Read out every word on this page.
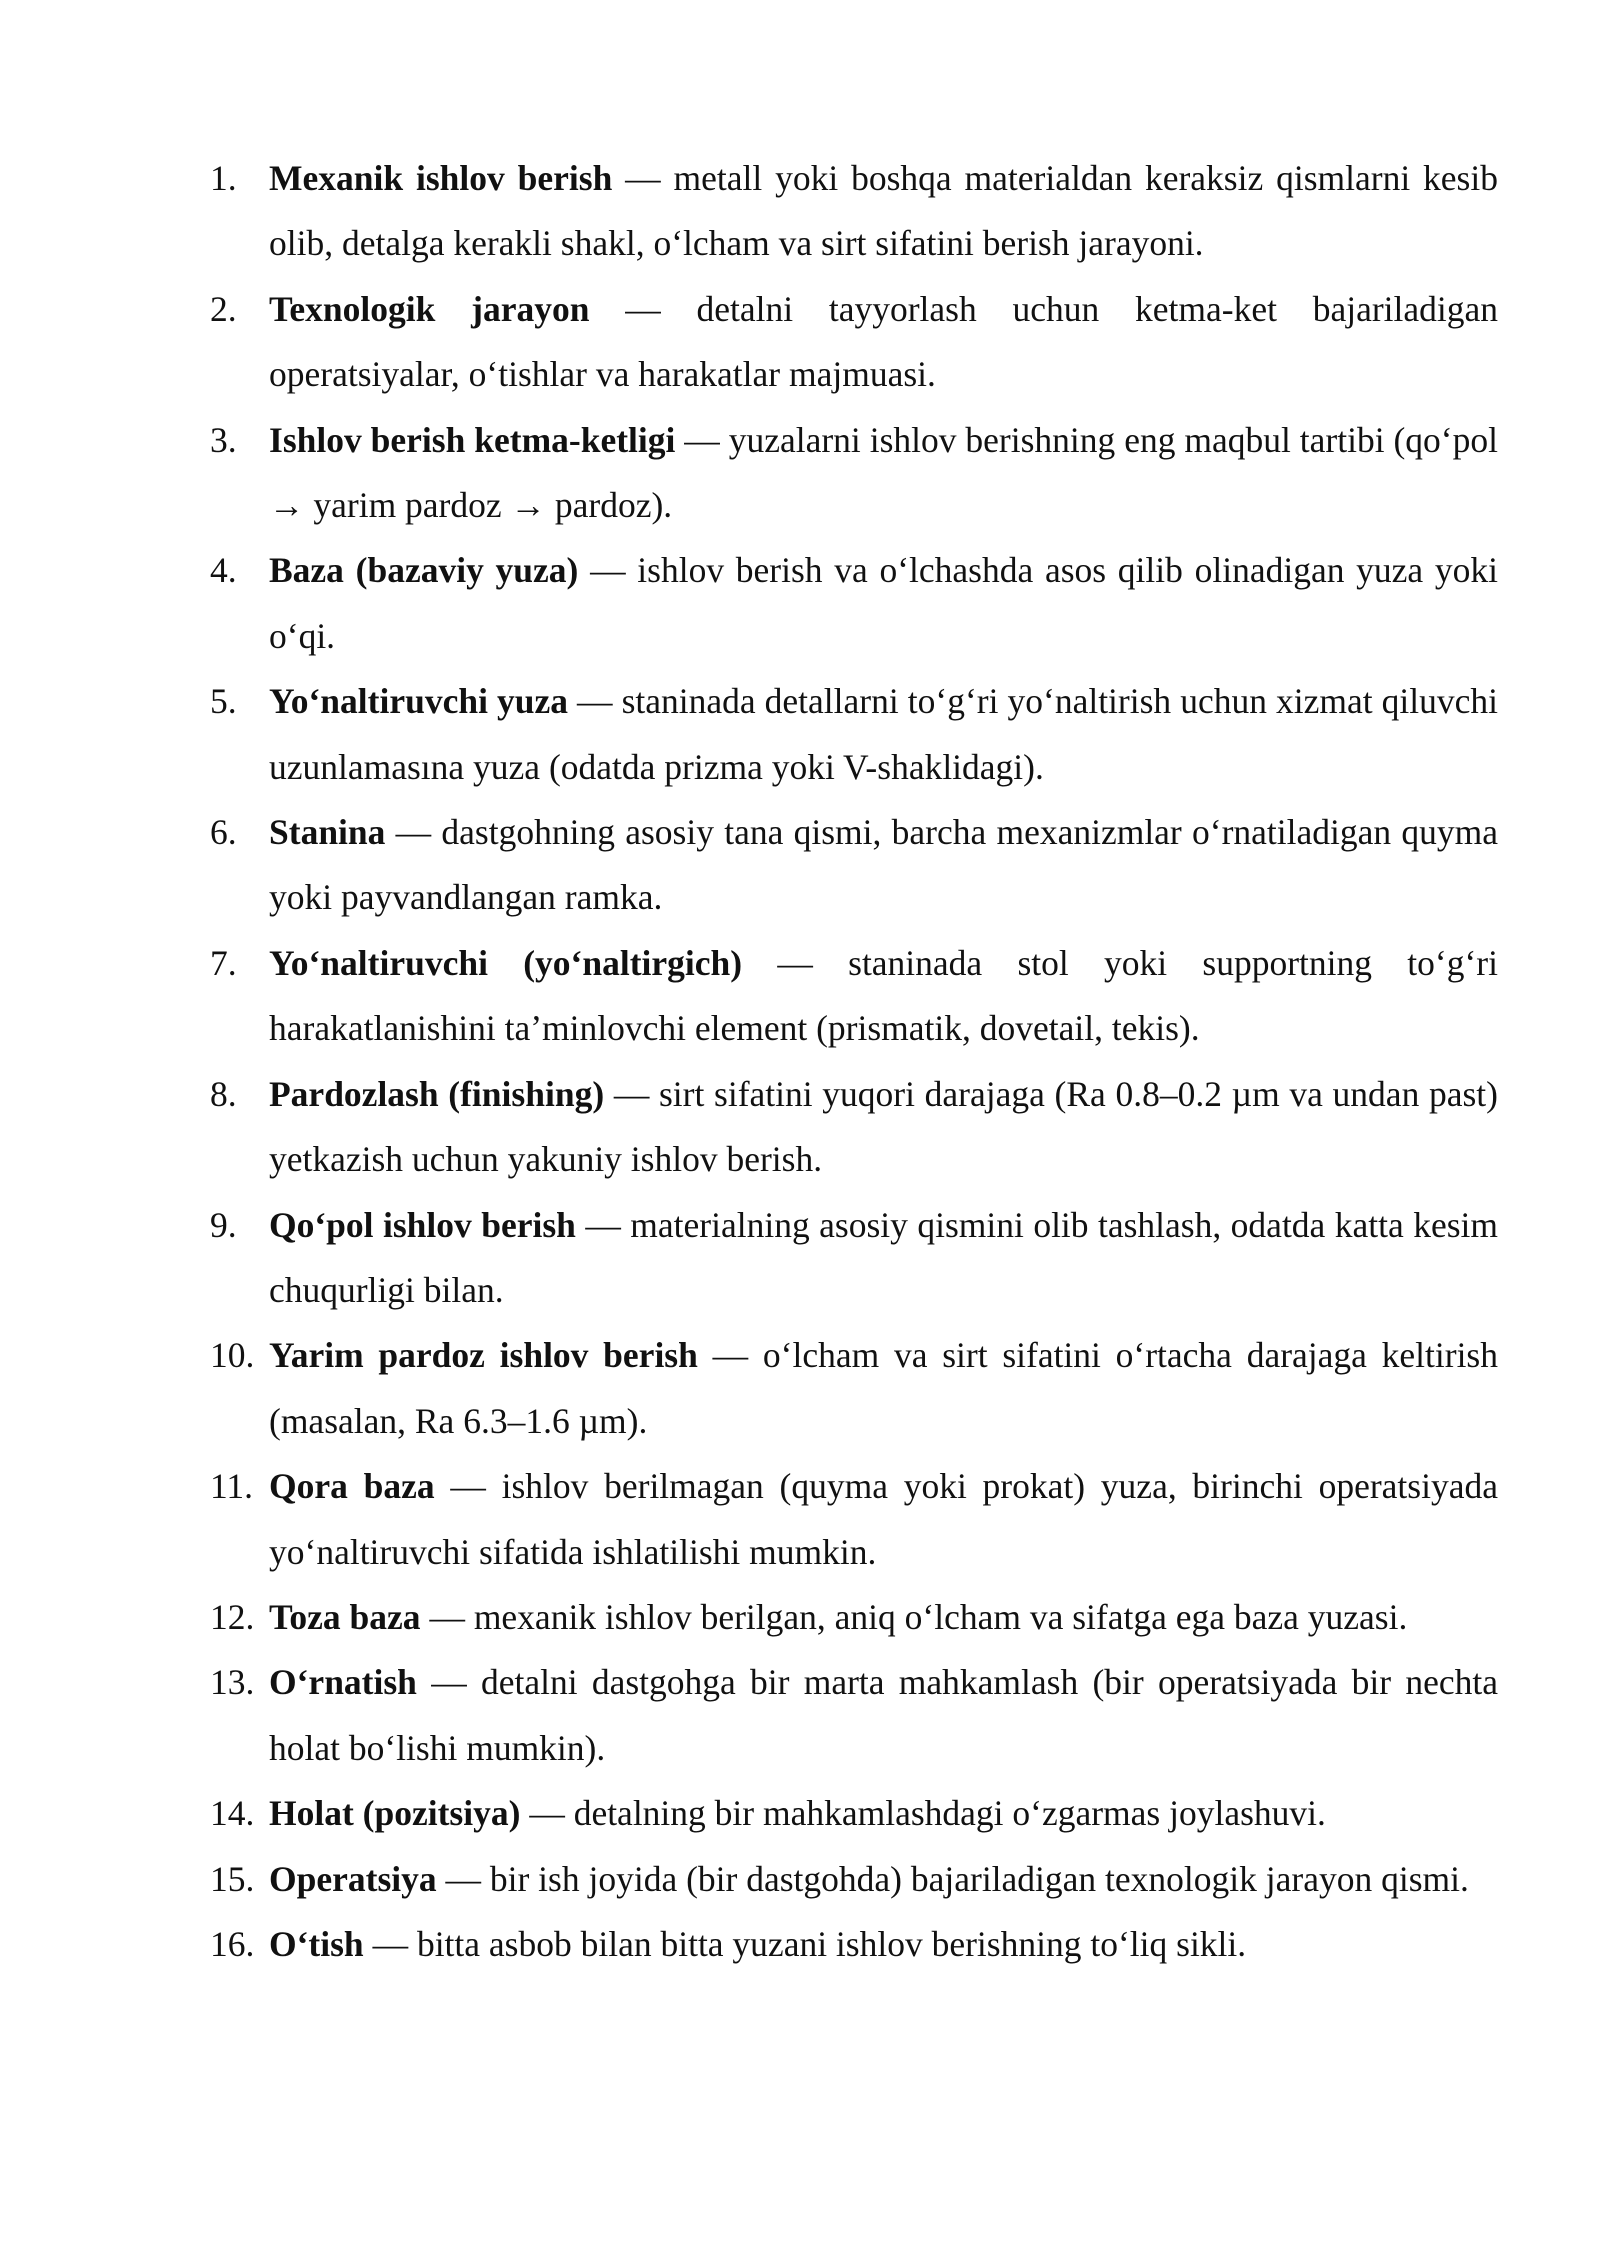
1. Mexanik ishlov berish — metall yoki boshqa materialdan keraksiz qismlarni kesib olib, detalga kerakli shakl, oʻlcham va sirt sifatini berish jarayoni.
2. Texnologik jarayon — detalni tayyorlash uchun ketma-ket bajariladigan operatsiyalar, oʻtishlar va harakatlar majmuasi.
3. Ishlov berish ketma-ketligi — yuzalarni ishlov berishning eng maqbul tartibi (qoʻpol → yarim pardoz → pardoz).
4. Baza (bazaviy yuza) — ishlov berish va oʻlchashda asos qilib olinadigan yuza yoki oʻqi.
5. Yoʻnaltiruvchi yuza — staninada detallarni toʻgʻri yoʻnaltirish uchun xizmat qiluvchi uzunlamasına yuza (odatda prizma yoki V-shaklidagi).
6. Stanina — dastgohning asosiy tana qismi, barcha mexanizmlar oʻrnatiladigan quyma yoki payvandlangan ramka.
7. Yoʻnaltiruvchi (yoʻnaltirgich) — staninada stol yoki supportning toʻgʻri harakatlanishini taʼminlovchi element (prismatik, dovetail, tekis).
8. Pardozlash (finishing) — sirt sifatini yuqori darajaga (Ra 0.8–0.2 µm va undan past) yetkazish uchun yakuniy ishlov berish.
9. Qoʻpol ishlov berish — materialning asosiy qismini olib tashlash, odatda katta kesim chuqurligi bilan.
10. Yarim pardoz ishlov berish — oʻlcham va sirt sifatini oʻrtacha darajaga keltirish (masalan, Ra 6.3–1.6 µm).
11. Qora baza — ishlov berilmagan (quyma yoki prokat) yuza, birinchi operatsiyada yoʻnaltiruvchi sifatida ishlatilishi mumkin.
12. Toza baza — mexanik ishlov berilgan, aniq oʻlcham va sifatga ega baza yuzasi.
13. Oʻrnatish — detalni dastgohga bir marta mahkamlash (bir operatsiyada bir nechta holat boʻlishi mumkin).
14. Holat (pozitsiya) — detalning bir mahkamlashdagi oʻzgarmas joylashuvi.
15. Operatsiya — bir ish joyida (bir dastgohda) bajariladigan texnologik jarayon qismi.
16. Oʻtish — bitta asbob bilan bitta yuzani ishlov berishning toʻliq sikli.
